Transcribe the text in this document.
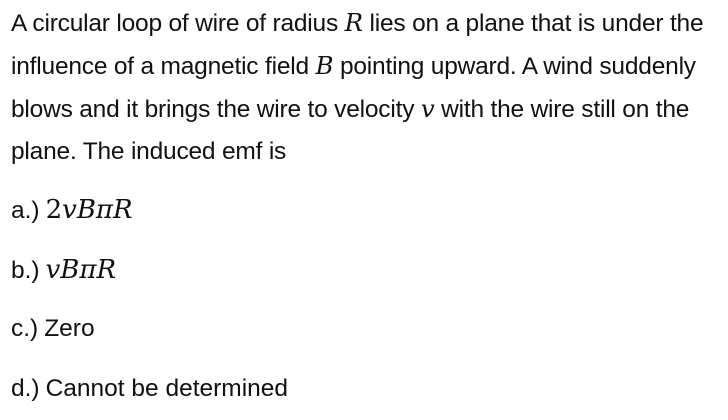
A circular loop of wire of radius R lies on a plane that is under the influence of a magnetic field B pointing upward. A wind suddenly blows and it brings the wire to velocity v with the wire still on the plane. The induced emf is
a.) 2vBπR
b.) vBπR
c.) Zero
d.) Cannot be determined
